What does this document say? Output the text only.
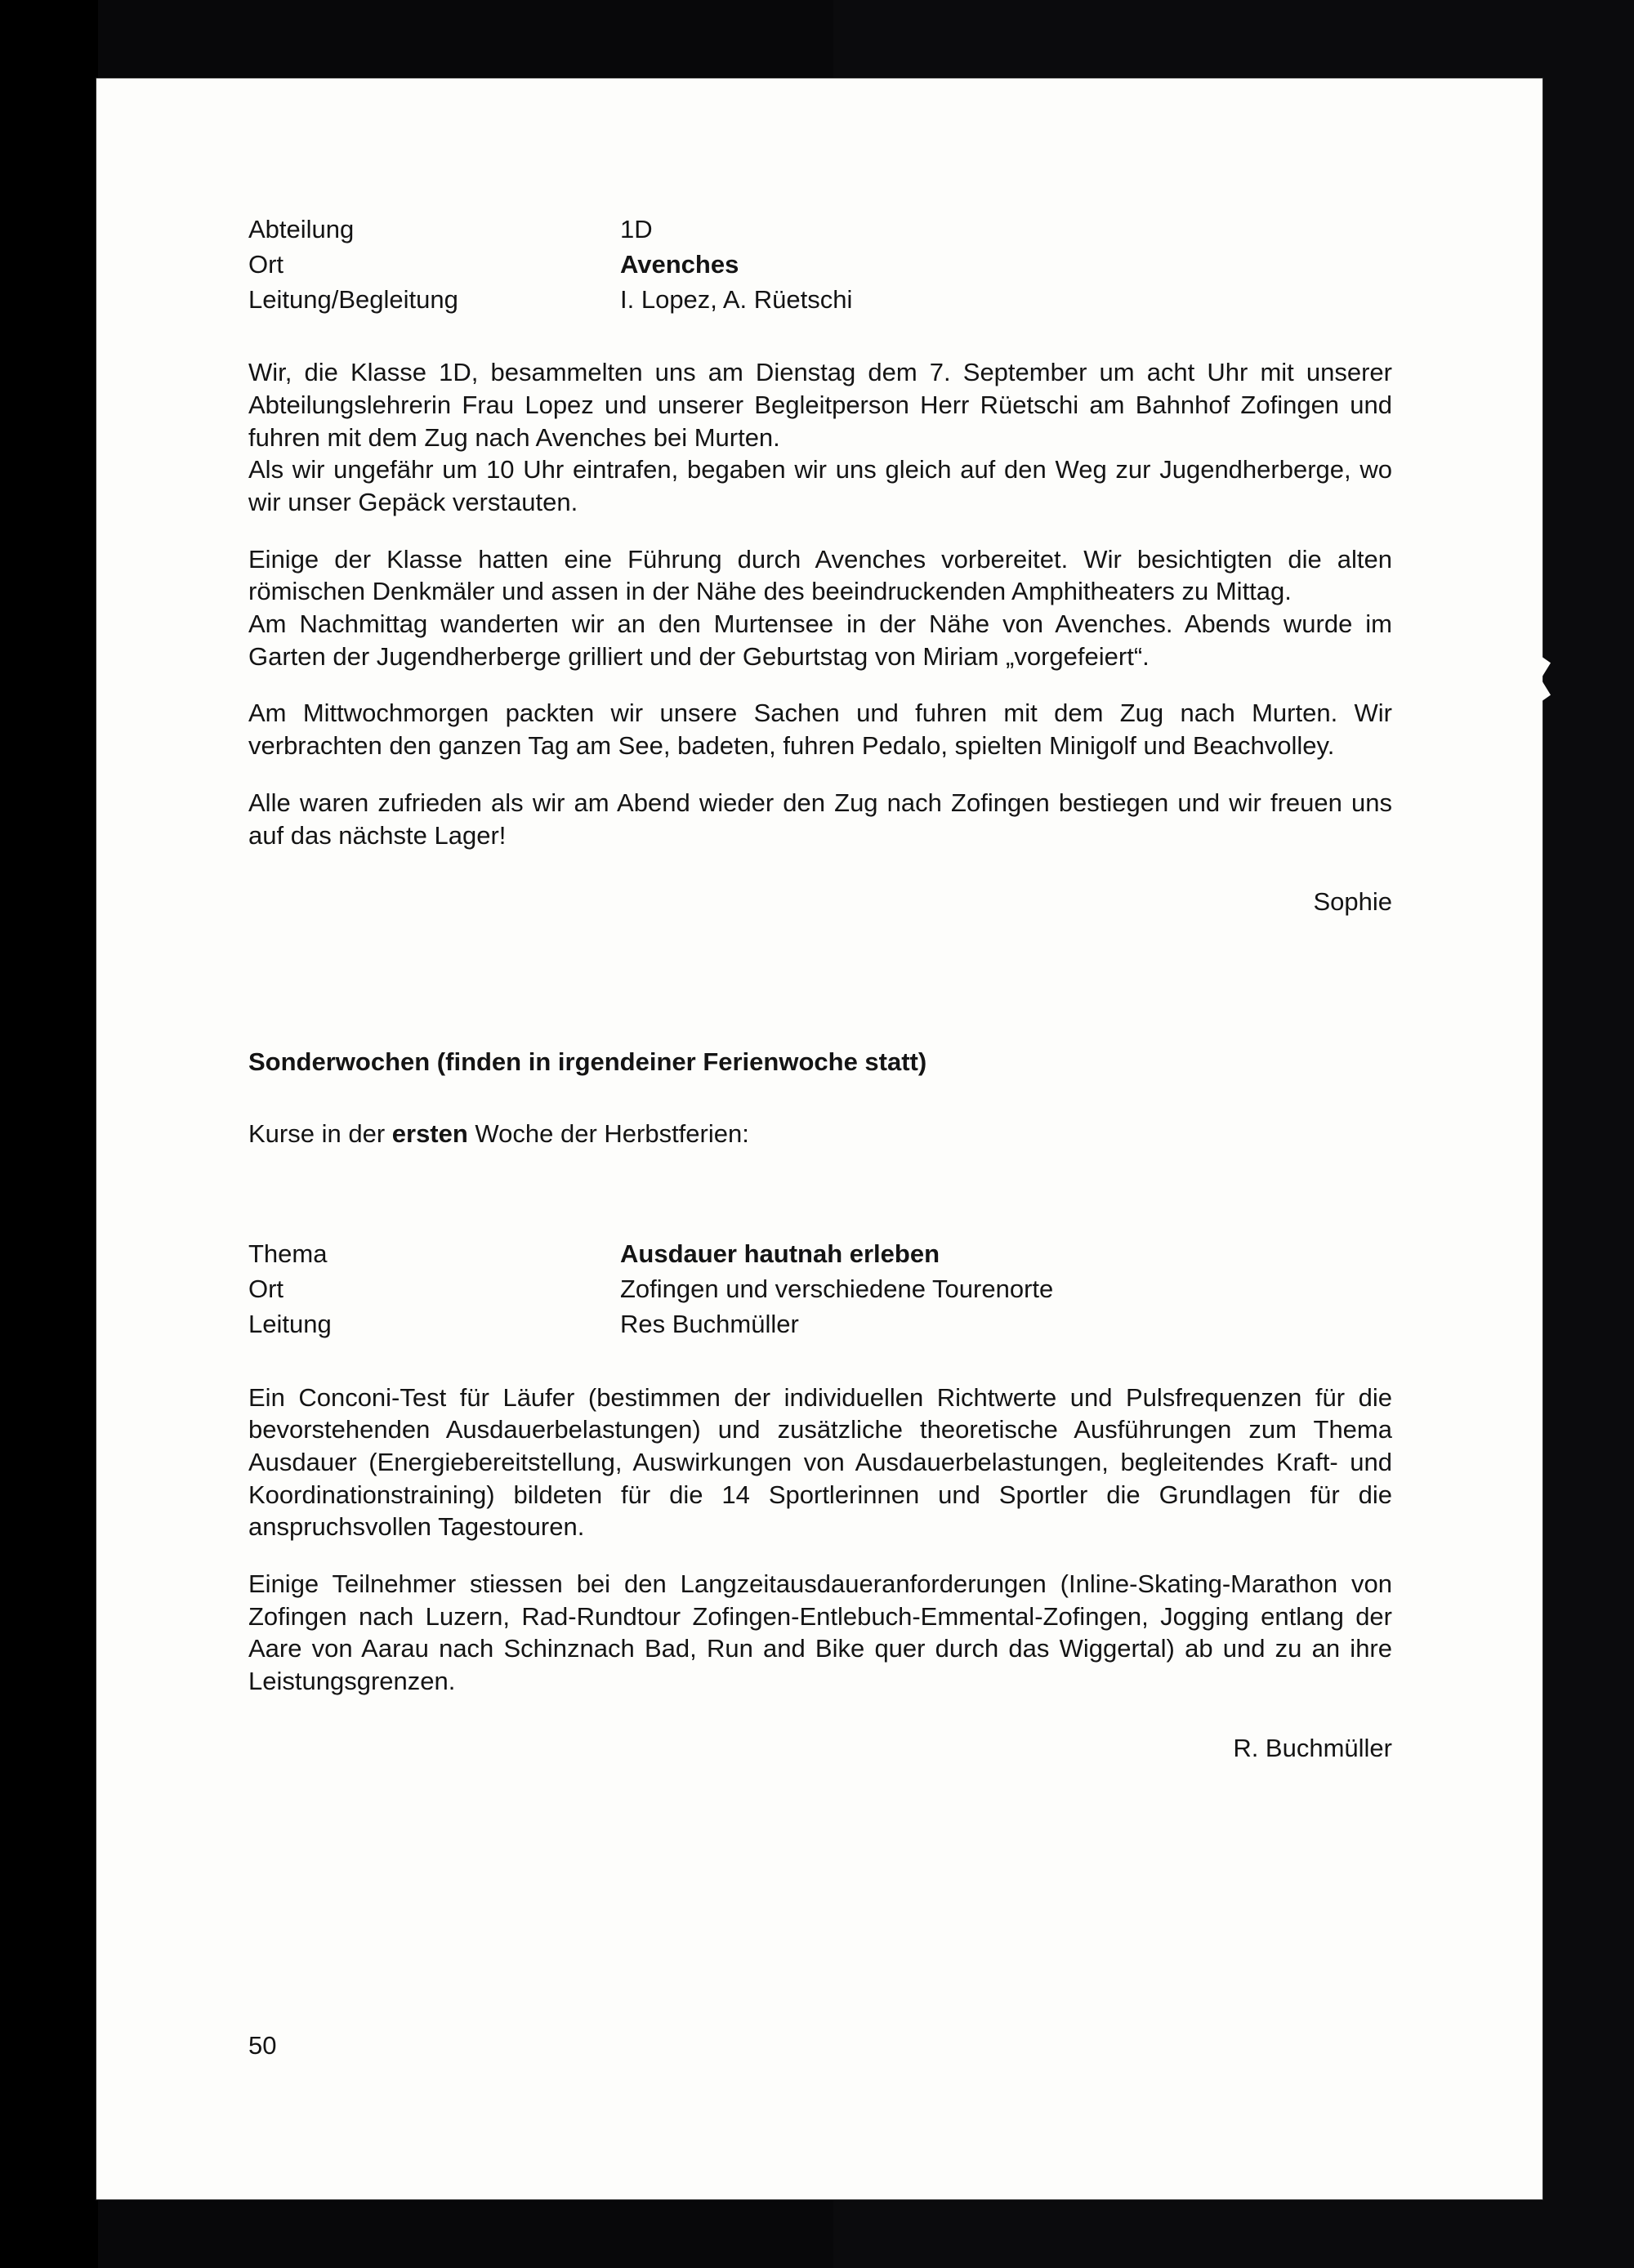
Abteilung	1D
Ort	Avenches
Leitung/Begleitung	I. Lopez, A. Rüetschi

Wir, die Klasse 1D, besammelten uns am Dienstag dem 7. September um acht Uhr mit unserer Abteilungslehrerin Frau Lopez und unserer Begleitperson Herr Rüetschi am Bahnhof Zofingen und fuhren mit dem Zug nach Avenches bei Murten.

Als wir ungefähr um 10 Uhr eintrafen, begaben wir uns gleich auf den Weg zur Jugendherberge, wo wir unser Gepäck verstauten.

Einige der Klasse hatten eine Führung durch Avenches vorbereitet. Wir besichtigten die alten römischen Denkmäler und assen in der Nähe des beeindruckenden Amphitheaters zu Mittag.

Am Nachmittag wanderten wir an den Murtensee in der Nähe von Avenches. Abends wurde im Garten der Jugendherberge grilliert und der Geburtstag von Miriam „vorgefeiert“.

Am Mittwochmorgen packten wir unsere Sachen und fuhren mit dem Zug nach Murten. Wir verbrachten den ganzen Tag am See, badeten, fuhren Pedalo, spielten Minigolf und Beachvolley.

Alle waren zufrieden als wir am Abend wieder den Zug nach Zofingen bestiegen und wir freuen uns auf das nächste Lager!

Sophie
Sonderwochen (finden in irgendeiner Ferienwoche statt)

Kurse in der ersten Woche der Herbstferien:

Thema	Ausdauer hautnah erleben
Ort	Zofingen und verschiedene Tourenorte
Leitung	Res Buchmüller

Ein Conconi-Test für Läufer (bestimmen der individuellen Richtwerte und Pulsfrequenzen für die bevorstehenden Ausdauerbelastungen) und zusätzliche theoretische Ausführungen zum Thema Ausdauer (Energiebereitstellung, Auswirkungen von Ausdauerbelastungen, begleitendes Kraft- und Koordinationstraining) bildeten für die 14 Sportlerinnen und Sportler die Grundlagen für die anspruchsvollen Tagestouren.

Einige Teilnehmer stiessen bei den Langzeitausdaueranforderungen (Inline-Skating-Marathon von Zofingen nach Luzern, Rad-Rundtour Zofingen-Entlebuch-Emmental-Zofingen, Jogging entlang der Aare von Aarau nach Schinznach Bad, Run and Bike quer durch das Wiggertal) ab und zu an ihre Leistungsgrenzen.

R. Buchmüller
50
